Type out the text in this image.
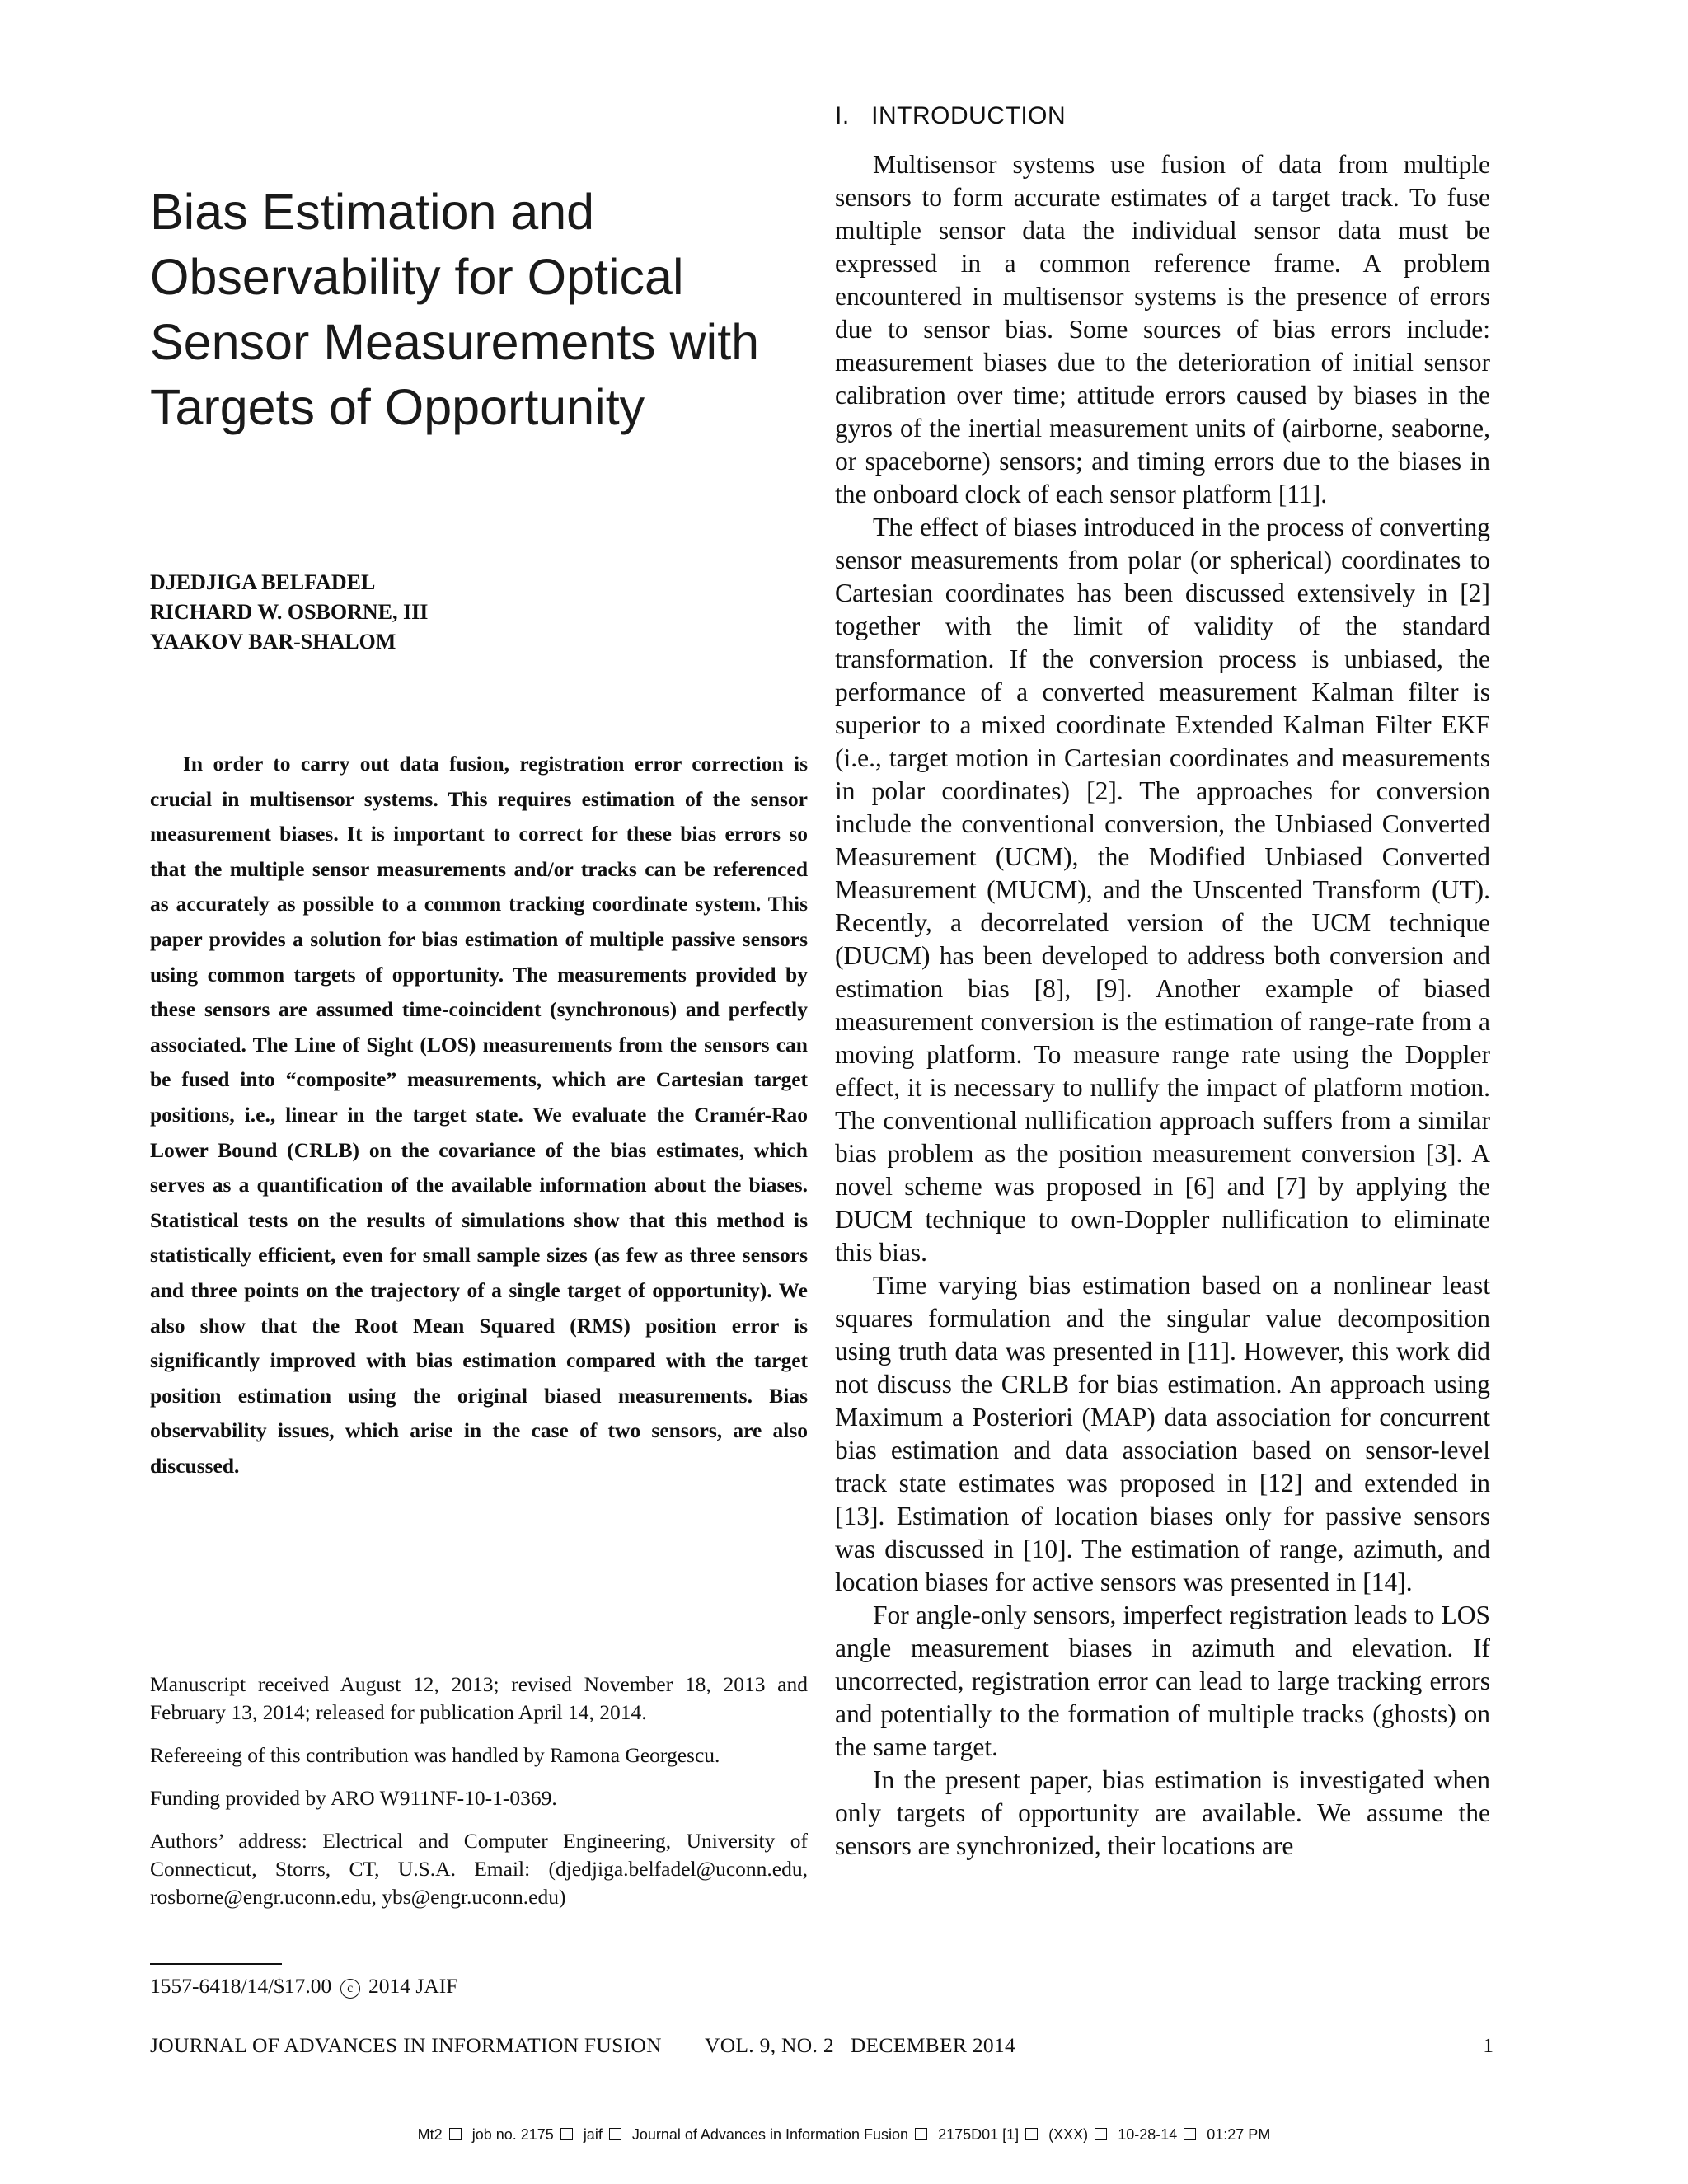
Bias Estimation and Observability for Optical Sensor Measurements with Targets of Opportunity
DJEDJIGA BELFADEL
RICHARD W. OSBORNE, III
YAAKOV BAR-SHALOM

In order to carry out data fusion, registration error correction is crucial in multisensor systems. This requires estimation of the sensor measurement biases. It is important to correct for these bias errors so that the multiple sensor measurements and/or tracks can be referenced as accurately as possible to a common tracking coordinate system. This paper provides a solution for bias estimation of multiple passive sensors using common targets of opportunity. The measurements provided by these sensors are assumed time-coincident (synchronous) and perfectly associated. The Line of Sight (LOS) measurements from the sensors can be fused into “composite” measurements, which are Cartesian target positions, i.e., linear in the target state. We evaluate the Cramér-Rao Lower Bound (CRLB) on the covariance of the bias estimates, which serves as a quantification of the available information about the biases. Statistical tests on the results of simulations show that this method is statistically efficient, even for small sample sizes (as few as three sensors and three points on the trajectory of a single target of opportunity). We also show that the Root Mean Squared (RMS) position error is significantly improved with bias estimation compared with the target position estimation using the original biased measurements. Bias observability issues, which arise in the case of two sensors, are also discussed.

Manuscript received August 12, 2013; revised November 18, 2013 and February 13, 2014; released for publication April 14, 2014.

Refereeing of this contribution was handled by Ramona Georgescu.

Funding provided by ARO W911NF-10-1-0369.

Authors’ address: Electrical and Computer Engineering, University of Connecticut, Storrs, CT, U.S.A. Email: (djedjiga.belfadel@uconn.edu, rosborne@engr.uconn.edu, ybs@engr.uconn.edu)

1557-6418/14/$17.00 c 2014 JAIF
I.   INTRODUCTION

Multisensor systems use fusion of data from multiple sensors to form accurate estimates of a target track. To fuse multiple sensor data the individual sensor data must be expressed in a common reference frame. A problem encountered in multisensor systems is the presence of errors due to sensor bias. Some sources of bias errors include: measurement biases due to the deterioration of initial sensor calibration over time; attitude errors caused by biases in the gyros of the inertial measurement units of (airborne, seaborne, or spaceborne) sensors; and timing errors due to the biases in the onboard clock of each sensor platform [11].

The effect of biases introduced in the process of converting sensor measurements from polar (or spherical) coordinates to Cartesian coordinates has been discussed extensively in [2] together with the limit of validity of the standard transformation. If the conversion process is unbiased, the performance of a converted measurement Kalman filter is superior to a mixed coordinate Extended Kalman Filter EKF (i.e., target motion in Cartesian coordinates and measurements in polar coordinates) [2]. The approaches for conversion include the conventional conversion, the Unbiased Converted Measurement (UCM), the Modified Unbiased Converted Measurement (MUCM), and the Unscented Transform (UT). Recently, a decorrelated version of the UCM technique (DUCM) has been developed to address both conversion and estimation bias [8], [9]. Another example of biased measurement conversion is the estimation of range-rate from a moving platform. To measure range rate using the Doppler effect, it is necessary to nullify the impact of platform motion. The conventional nullification approach suffers from a similar bias problem as the position measurement conversion [3]. A novel scheme was proposed in [6] and [7] by applying the DUCM technique to own-Doppler nullification to eliminate this bias.

Time varying bias estimation based on a nonlinear least squares formulation and the singular value decomposition using truth data was presented in [11]. However, this work did not discuss the CRLB for bias estimation. An approach using Maximum a Posteriori (MAP) data association for concurrent bias estimation and data association based on sensor-level track state estimates was proposed in [12] and extended in [13]. Estimation of location biases only for passive sensors was discussed in [10]. The estimation of range, azimuth, and location biases for active sensors was presented in [14].

For angle-only sensors, imperfect registration leads to LOS angle measurement biases in azimuth and elevation. If uncorrected, registration error can lead to large tracking errors and potentially to the formation of multiple tracks (ghosts) on the same target.

In the present paper, bias estimation is investigated when only targets of opportunity are available. We assume the sensors are synchronized, their locations are

JOURNAL OF ADVANCES IN INFORMATION FUSION VOL. 9, NO. 2   DECEMBER 2014	1
Mt2 job no. 2175 jaif Journal of Advances in Information Fusion 2175D01 [1] (XXX) 10-28-14 01:27 PM
